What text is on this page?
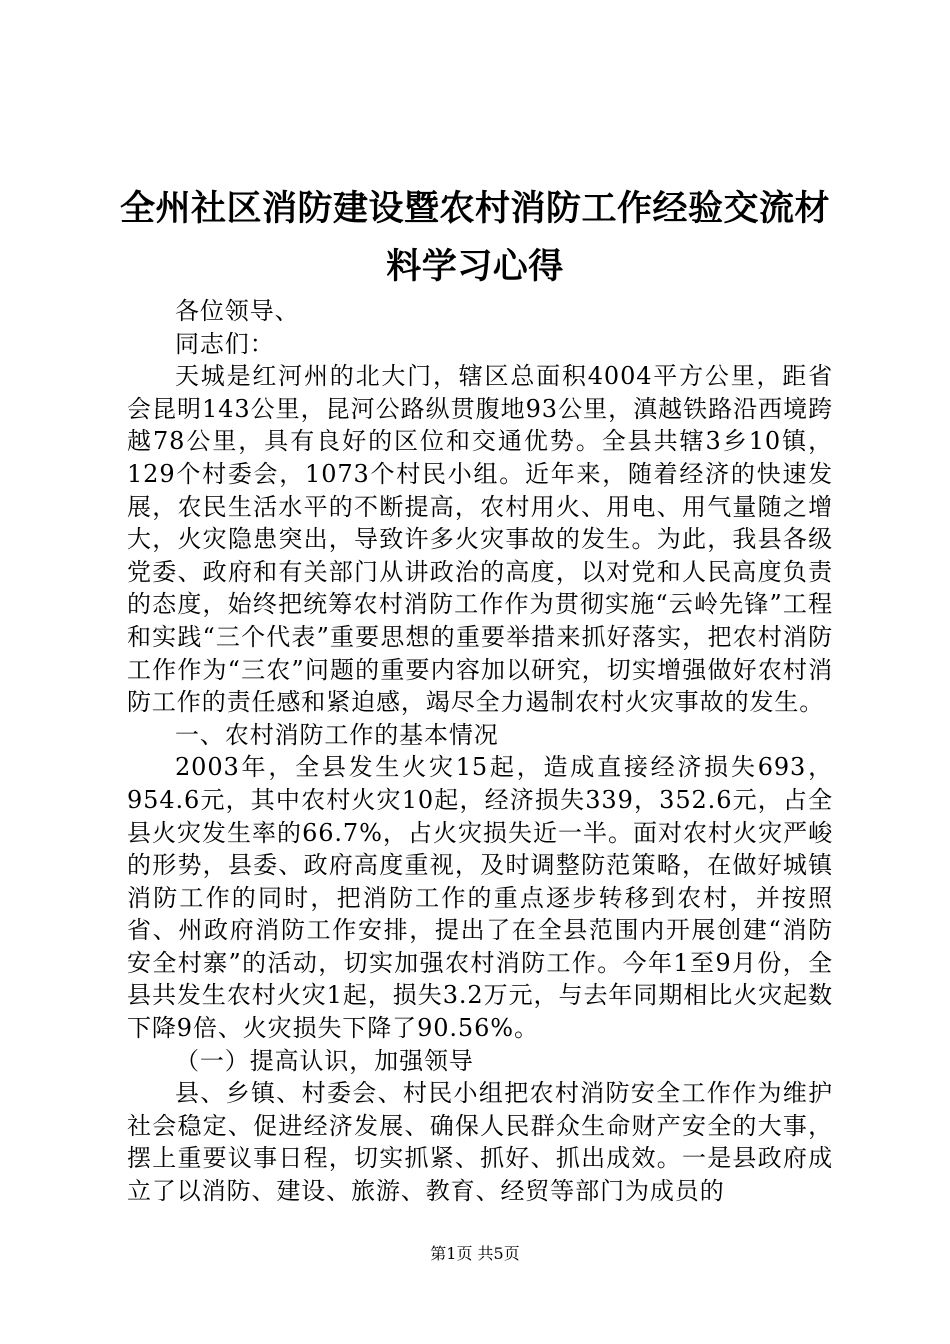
全州社区消防建设暨农村消防工作经验交流材料学习心得

各位领导、

同志们：

天城是红河州的北大门，辖区总面积4004平方公里，距省会昆明143公里，昆河公路纵贯腹地93公里，滇越铁路沿西境跨越78公里，具有良好的区位和交通优势。全县共辖3乡10镇，129个村委会，1073个村民小组。近年来，随着经济的快速发展，农民生活水平的不断提高，农村用火、用电、用气量随之增大，火灾隐患突出，导致许多火灾事故的发生。为此，我县各级党委、政府和有关部门从讲政治的高度，以对党和人民高度负责的态度，始终把统筹农村消防工作作为贯彻实施“云岭先锋”工程和实践“三个代表”重要思想的重要举措来抓好落实，把农村消防工作作为“三农”问题的重要内容加以研究，切实增强做好农村消防工作的责任感和紧迫感，竭尽全力遏制农村火灾事故的发生。

一、农村消防工作的基本情况

2003年，全县发生火灾15起，造成直接经济损失693，954.6元，其中农村火灾10起，经济损失339，352.6元，占全县火灾发生率的66.7%，占火灾损失近一半。面对农村火灾严峻的形势，县委、政府高度重视，及时调整防范策略，在做好城镇消防工作的同时，把消防工作的重点逐步转移到农村，并按照省、州政府消防工作安排，提出了在全县范围内开展创建“消防安全村寨”的活动，切实加强农村消防工作。今年1至9月份，全县共发生农村火灾1起，损失3.2万元，与去年同期相比火灾起数下降9倍、火灾损失下降了90.56%。

（一）提高认识，加强领导

县、乡镇、村委会、村民小组把农村消防安全工作作为维护社会稳定、促进经济发展、确保人民群众生命财产安全的大事，摆上重要议事日程，切实抓紧、抓好、抓出成效。一是县政府成立了以消防、建设、旅游、教育、经贸等部门为成员的

第1页 共5页
